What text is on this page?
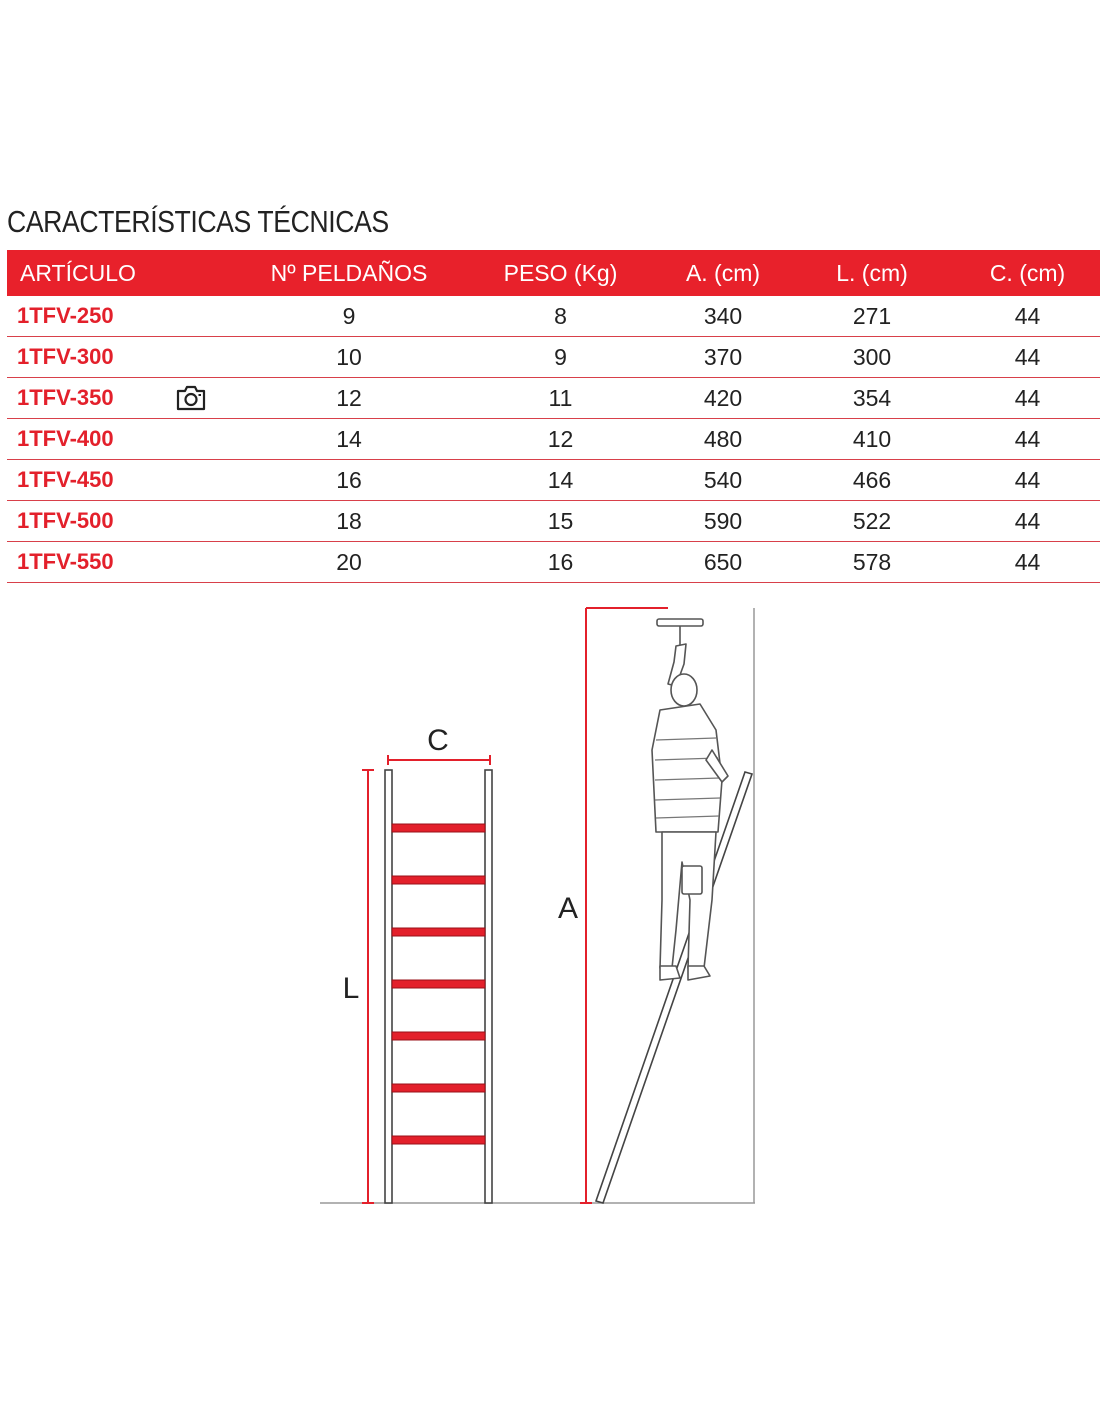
CARACTERÍSTICAS TÉCNICAS
ARTÍCULO	Nº PELDAÑOS	PESO (Kg)	A. (cm)	L. (cm)	C. (cm)
1TFV-250	9	8	340	271	44
1TFV-300	10	9	370	300	44
1TFV-350	12	11	420	354	44
1TFV-400	14	12	480	410	44
1TFV-450	16	14	540	466	44
1TFV-500	18	15	590	522	44
1TFV-550	20	16	650	578	44
C
L
A
